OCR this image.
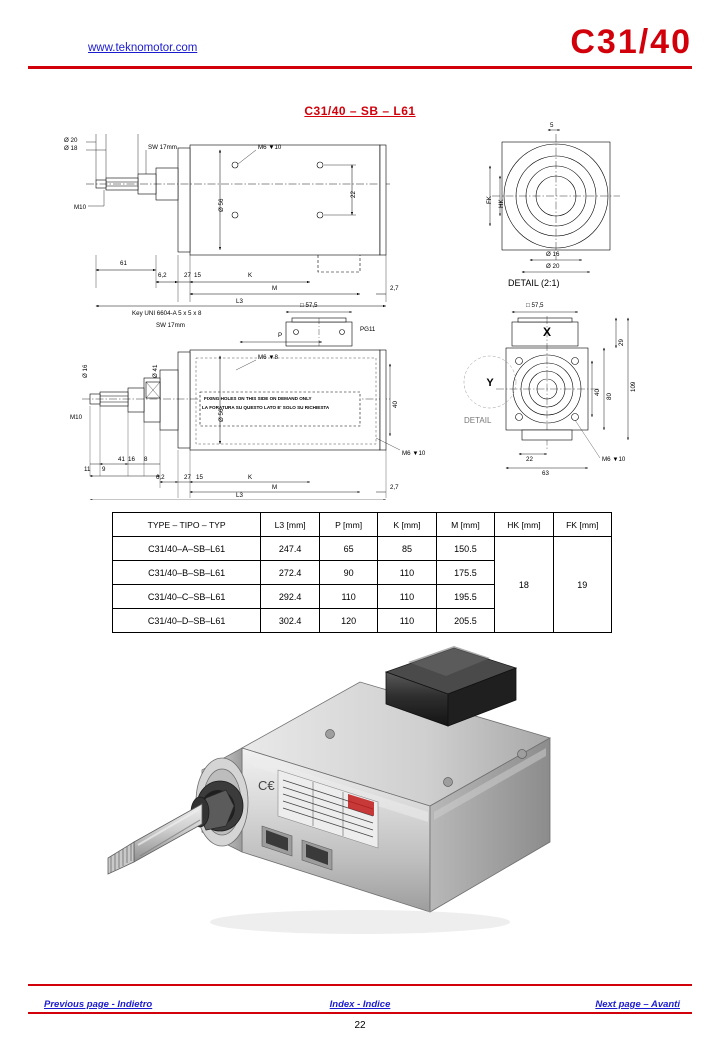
www.teknomotor.com	C31/40
C31/40 – SB – L61
X
Y
Ø 20
Ø 18	SW 17mm
M10	Ø 56
M6 ▼10
22
61
6,2	27 15	K
M	2,7
L3
5
FK HK
Ø 16
Ø 20
DETAIL (2:1)
Key UNI 6604-A 5 x 5 x 8
SW 17mm
Ø 41
Ø 16
M10	Ø 56
M6 ▼8
P
□ 57,5
PG11
40
M6 ▼10
11 9
16 8
41
6,2	27 15	K
M	2,7
L3
FIXING HOLES ON THIS SIDE ON DEMAND ONLY
LA FORATURA SU QUESTO LATO E' SOLO SU RICHIESTA
□ 57,5
29
109
80
40
22	M6 ▼10
63
DETAIL
TYPE – TIPO – TYP	L3 [mm]	P [mm]	K [mm]	M [mm]	HK [mm]	FK [mm]
C31/40–A–SB–L61	247.4	65	85	150.5	18	19
C31/40–B–SB–L61	272.4	90	110	175.5		
C31/40–C–SB–L61	292.4	110	110	195.5		
C31/40–D–SB–L61	302.4	120	110	205.5		
C€
Previous page - Indietro	Index - Indice	Next page – Avanti
22
